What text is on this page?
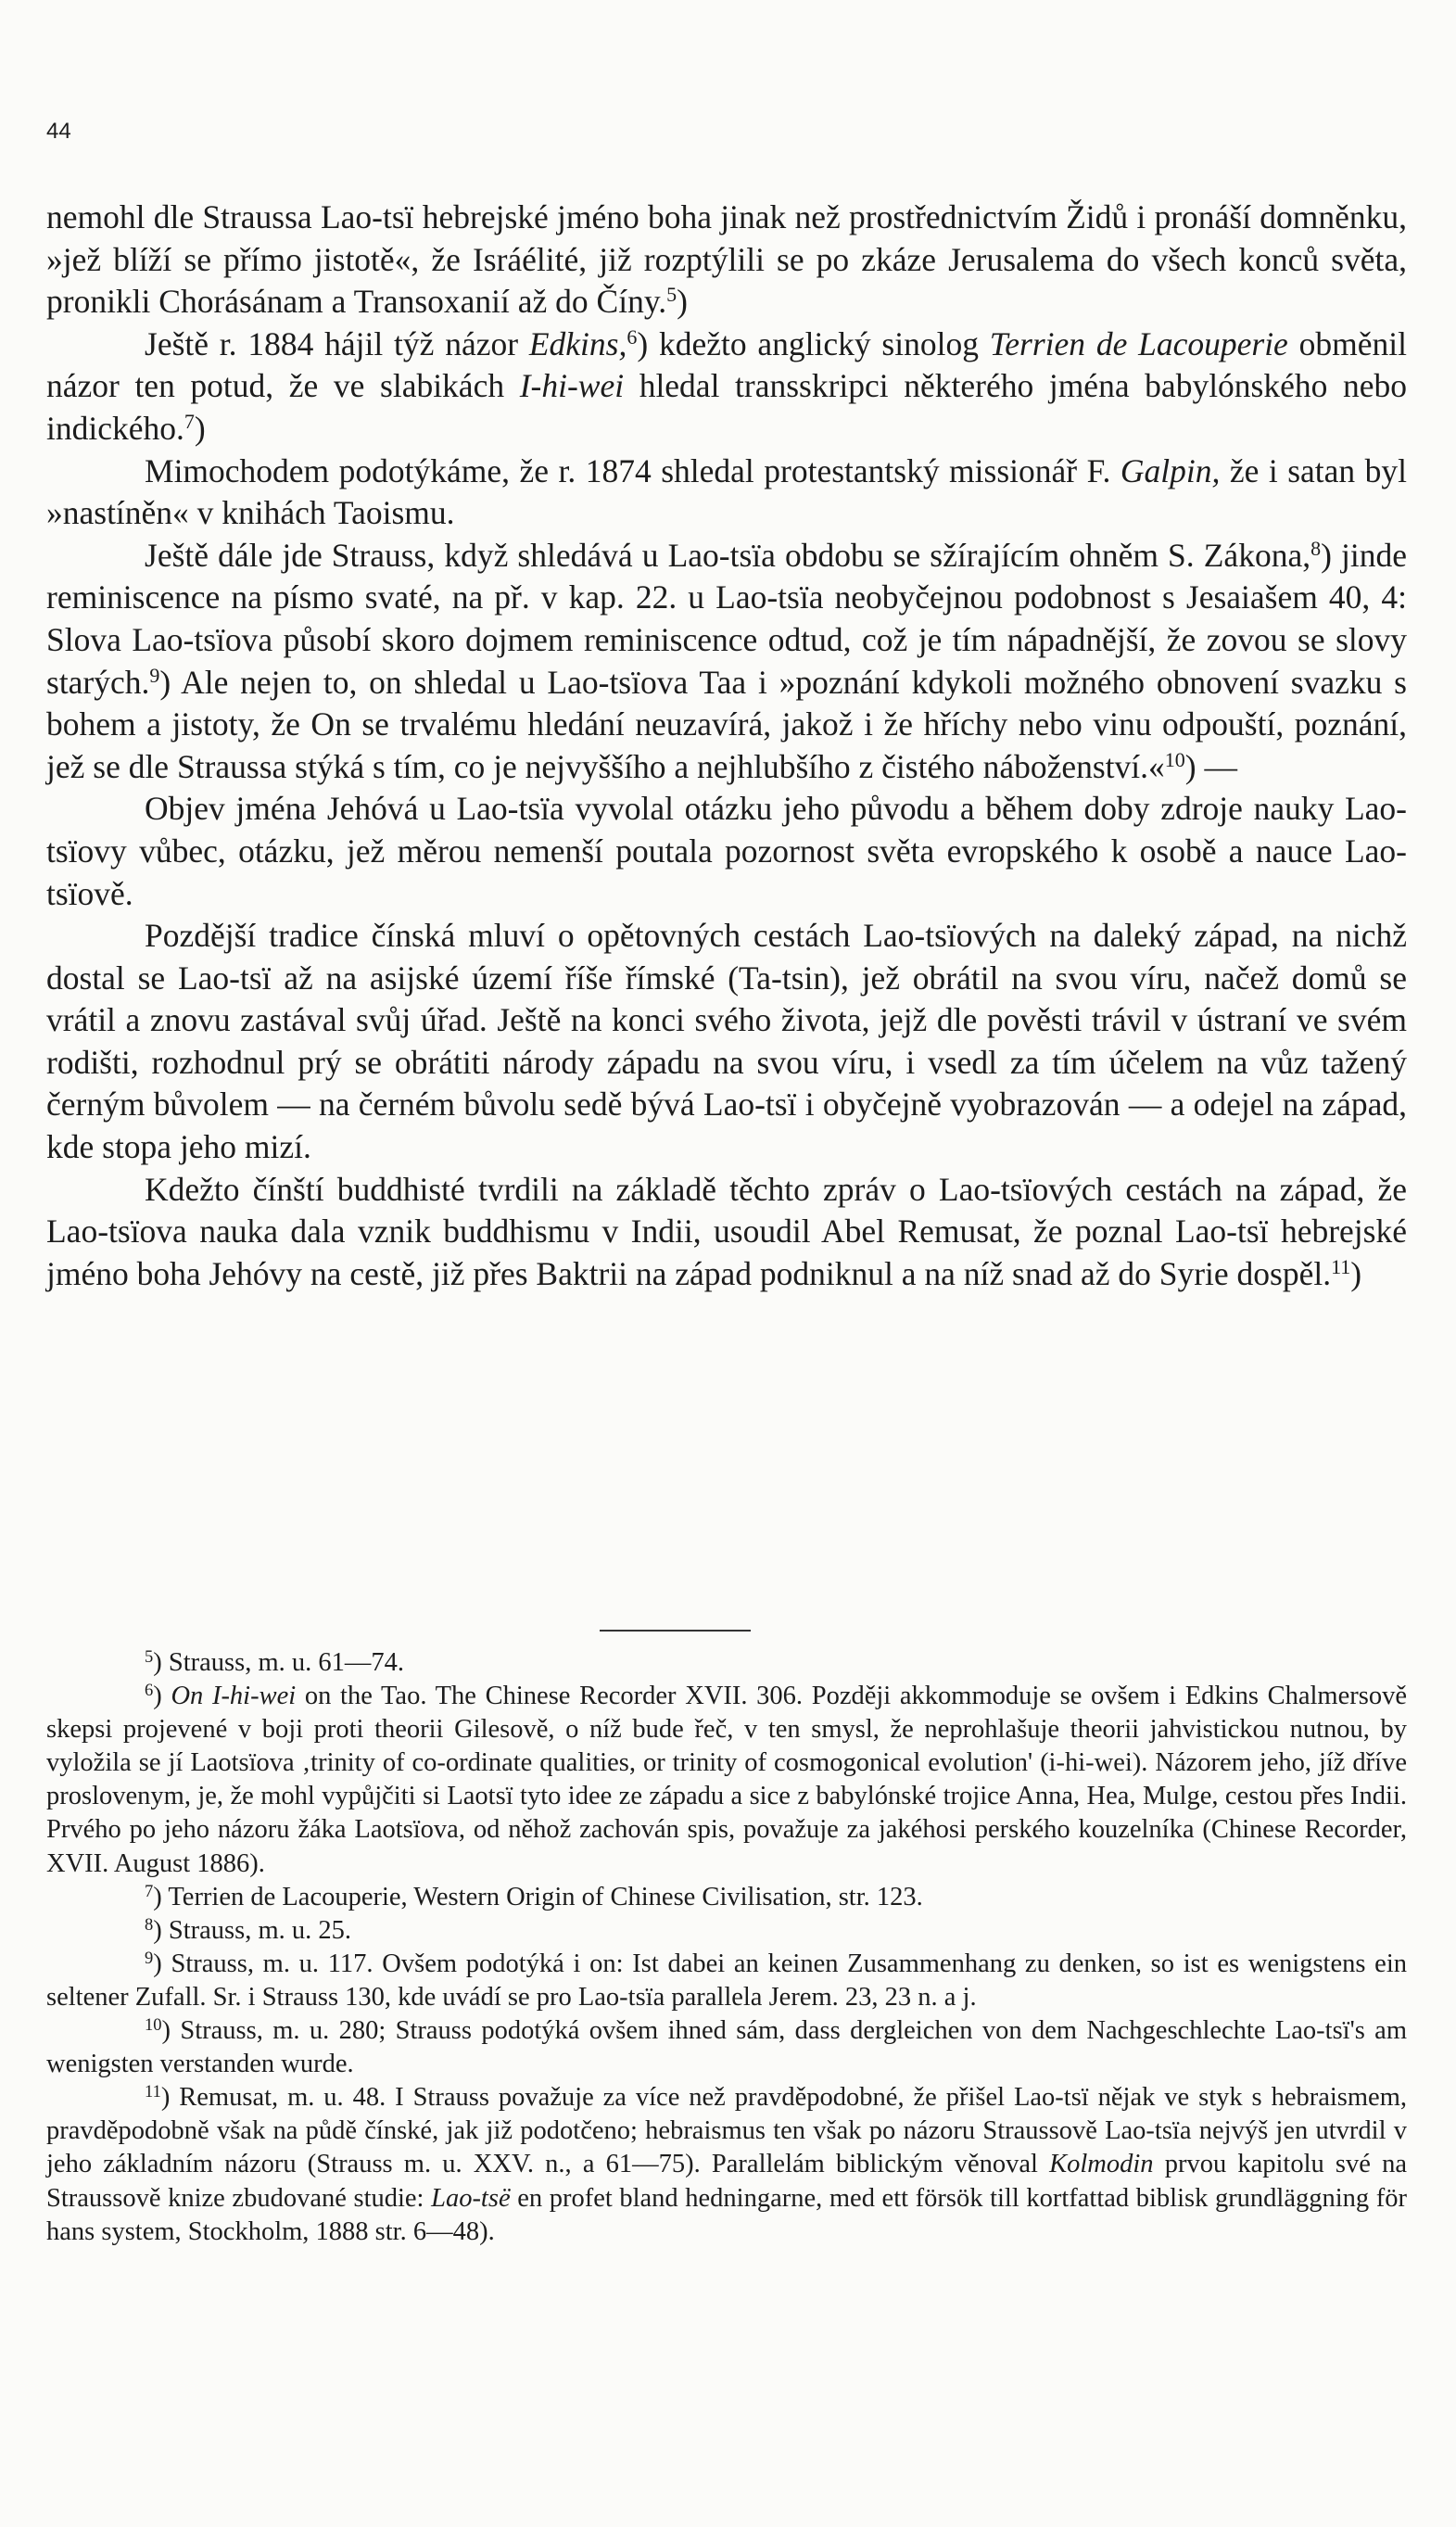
44

nemohl dle Straussa Lao-tsï hebrejské jméno boha jinak než prostřednictvím Židů i pronáší domněnku, »jež blíží se přímo jistotě«, že Isráélité, již rozptýlili se po zkáze Jerusalema do všech konců světa, pronikli Chorásánam a Transoxanií až do Číny.$^5$)

Ještě r. 1884 hájil týž názor Edkins,$^6$) kdežto anglický sinolog Terrien de Lacouperie obměnil názor ten potud, že ve slabikách I-hi-wei hledal transskripci některého jména babylónského nebo indického.$^7$)

Mimochodem podotýkáme, že r. 1874 shledal protestantský missionář F. Galpin, že i satan byl »nastíněn« v knihách Taoismu.

Ještě dále jde Strauss, když shledává u Lao-tsïa obdobu se sžírajícím ohněm S. Zákona,$^8$) jinde reminiscence na písmo svaté, na př. v kap. 22. u Lao-tsïa neobyčejnou podobnost s Jesaiašem 40, 4: Slova Lao-tsïova působí skoro dojmem reminiscence odtud, což je tím nápadnější, že zovou se slovy starých.$^9$) Ale nejen to, on shledal u Lao-tsïova Taa i »poznání kdykoli možného obnovení svazku s bohem a jistoty, že On se trvalému hledání neuzavírá, jakož i že hříchy nebo vinu odpouští, poznání, jež se dle Straussa stýká s tím, co je nejvyššího a nejhlubšího z čistého náboženství.«$^{10}$) —

Objev jména Jehóvá u Lao-tsïa vyvolal otázku jeho původu a během doby zdroje nauky Lao-tsïovy vůbec, otázku, jež měrou nemenší poutala pozornost světa evropského k osobě a nauce Lao-tsïově.

Pozdější tradice čínská mluví o opětovných cestách Lao-tsïových na daleký západ, na nichž dostal se Lao-tsï až na asijské území říše římské (Ta-tsin), jež obrátil na svou víru, načež domů se vrátil a znovu zastával svůj úřad. Ještě na konci svého života, jejž dle pověsti trávil v ústraní ve svém rodišti, rozhodnul prý se obrátiti národy západu na svou víru, i vsedl za tím účelem na vůz tažený černým bůvolem — na černém bůvolu sedě bývá Lao-tsï i obyčejně vyobrazován — a odejel na západ, kde stopa jeho mizí.

Kdežto čínští buddhisté tvrdili na základě těchto zpráv o Lao-tsïových cestách na západ, že Lao-tsïova nauka dala vznik buddhismu v Indii, usoudil Abel Remusat, že poznal Lao-tsï hebrejské jméno boha Jehóvy na cestě, již přes Baktrii na západ podniknul a na níž snad až do Syrie dospěl.$^{11}$)

$^5$) Strauss, m. u. 61—74.

$^6$) On I-hi-wei on the Tao. The Chinese Recorder XVII. 306. Později akkommoduje se ovšem i Edkins Chalmersově skepsi projevené v boji proti theorii Gilesově, o níž bude řeč, v ten smysl, že neprohlašuje theorii jahvistickou nutnou, by vyložila se jí Laotsïova ‚trinity of co-ordinate qualities, or trinity of cosmogonical evolution' (i-hi-wei). Názorem jeho, jíž dříve proslovenym, je, že mohl vypůjčiti si Laotsï tyto idee ze západu a sice z babylónské trojice Anna, Hea, Mulge, cestou přes Indii. Prvého po jeho názoru žáka Laotsïova, od něhož zachován spis, považuje za jakéhosi perského kouzelníka (Chinese Recorder, XVII. August 1886).

$^7$) Terrien de Lacouperie, Western Origin of Chinese Civilisation, str. 123.

$^8$) Strauss, m. u. 25.

$^9$) Strauss, m. u. 117. Ovšem podotýká i on: Ist dabei an keinen Zusammenhang zu denken, so ist es wenigstens ein seltener Zufall. Sr. i Strauss 130, kde uvádí se pro Lao-tsïa parallela Jerem. 23, 23 n. a j.

$^{10}$) Strauss, m. u. 280; Strauss podotýká ovšem ihned sám, dass dergleichen von dem Nachgeschlechte Lao-tsï's am wenigsten verstanden wurde.

$^{11}$) Remusat, m. u. 48. I Strauss považuje za více než pravděpodobné, že přišel Lao-tsï nějak ve styk s hebraismem, pravděpodobně však na půdě čínské, jak již podotčeno; hebraismus ten však po názoru Straussově Lao-tsïa nejvýš jen utvrdil v jeho základním názoru (Strauss m. u. XXV. n., a 61—75). Parallelám biblickým věnoval Kolmodin prvou kapitolu své na Straussově knize zbudované studie: Lao-tsë en profet bland hedningarne, med ett försök till kortfattad biblisk grundläggning för hans system, Stockholm, 1888 str. 6—48).
